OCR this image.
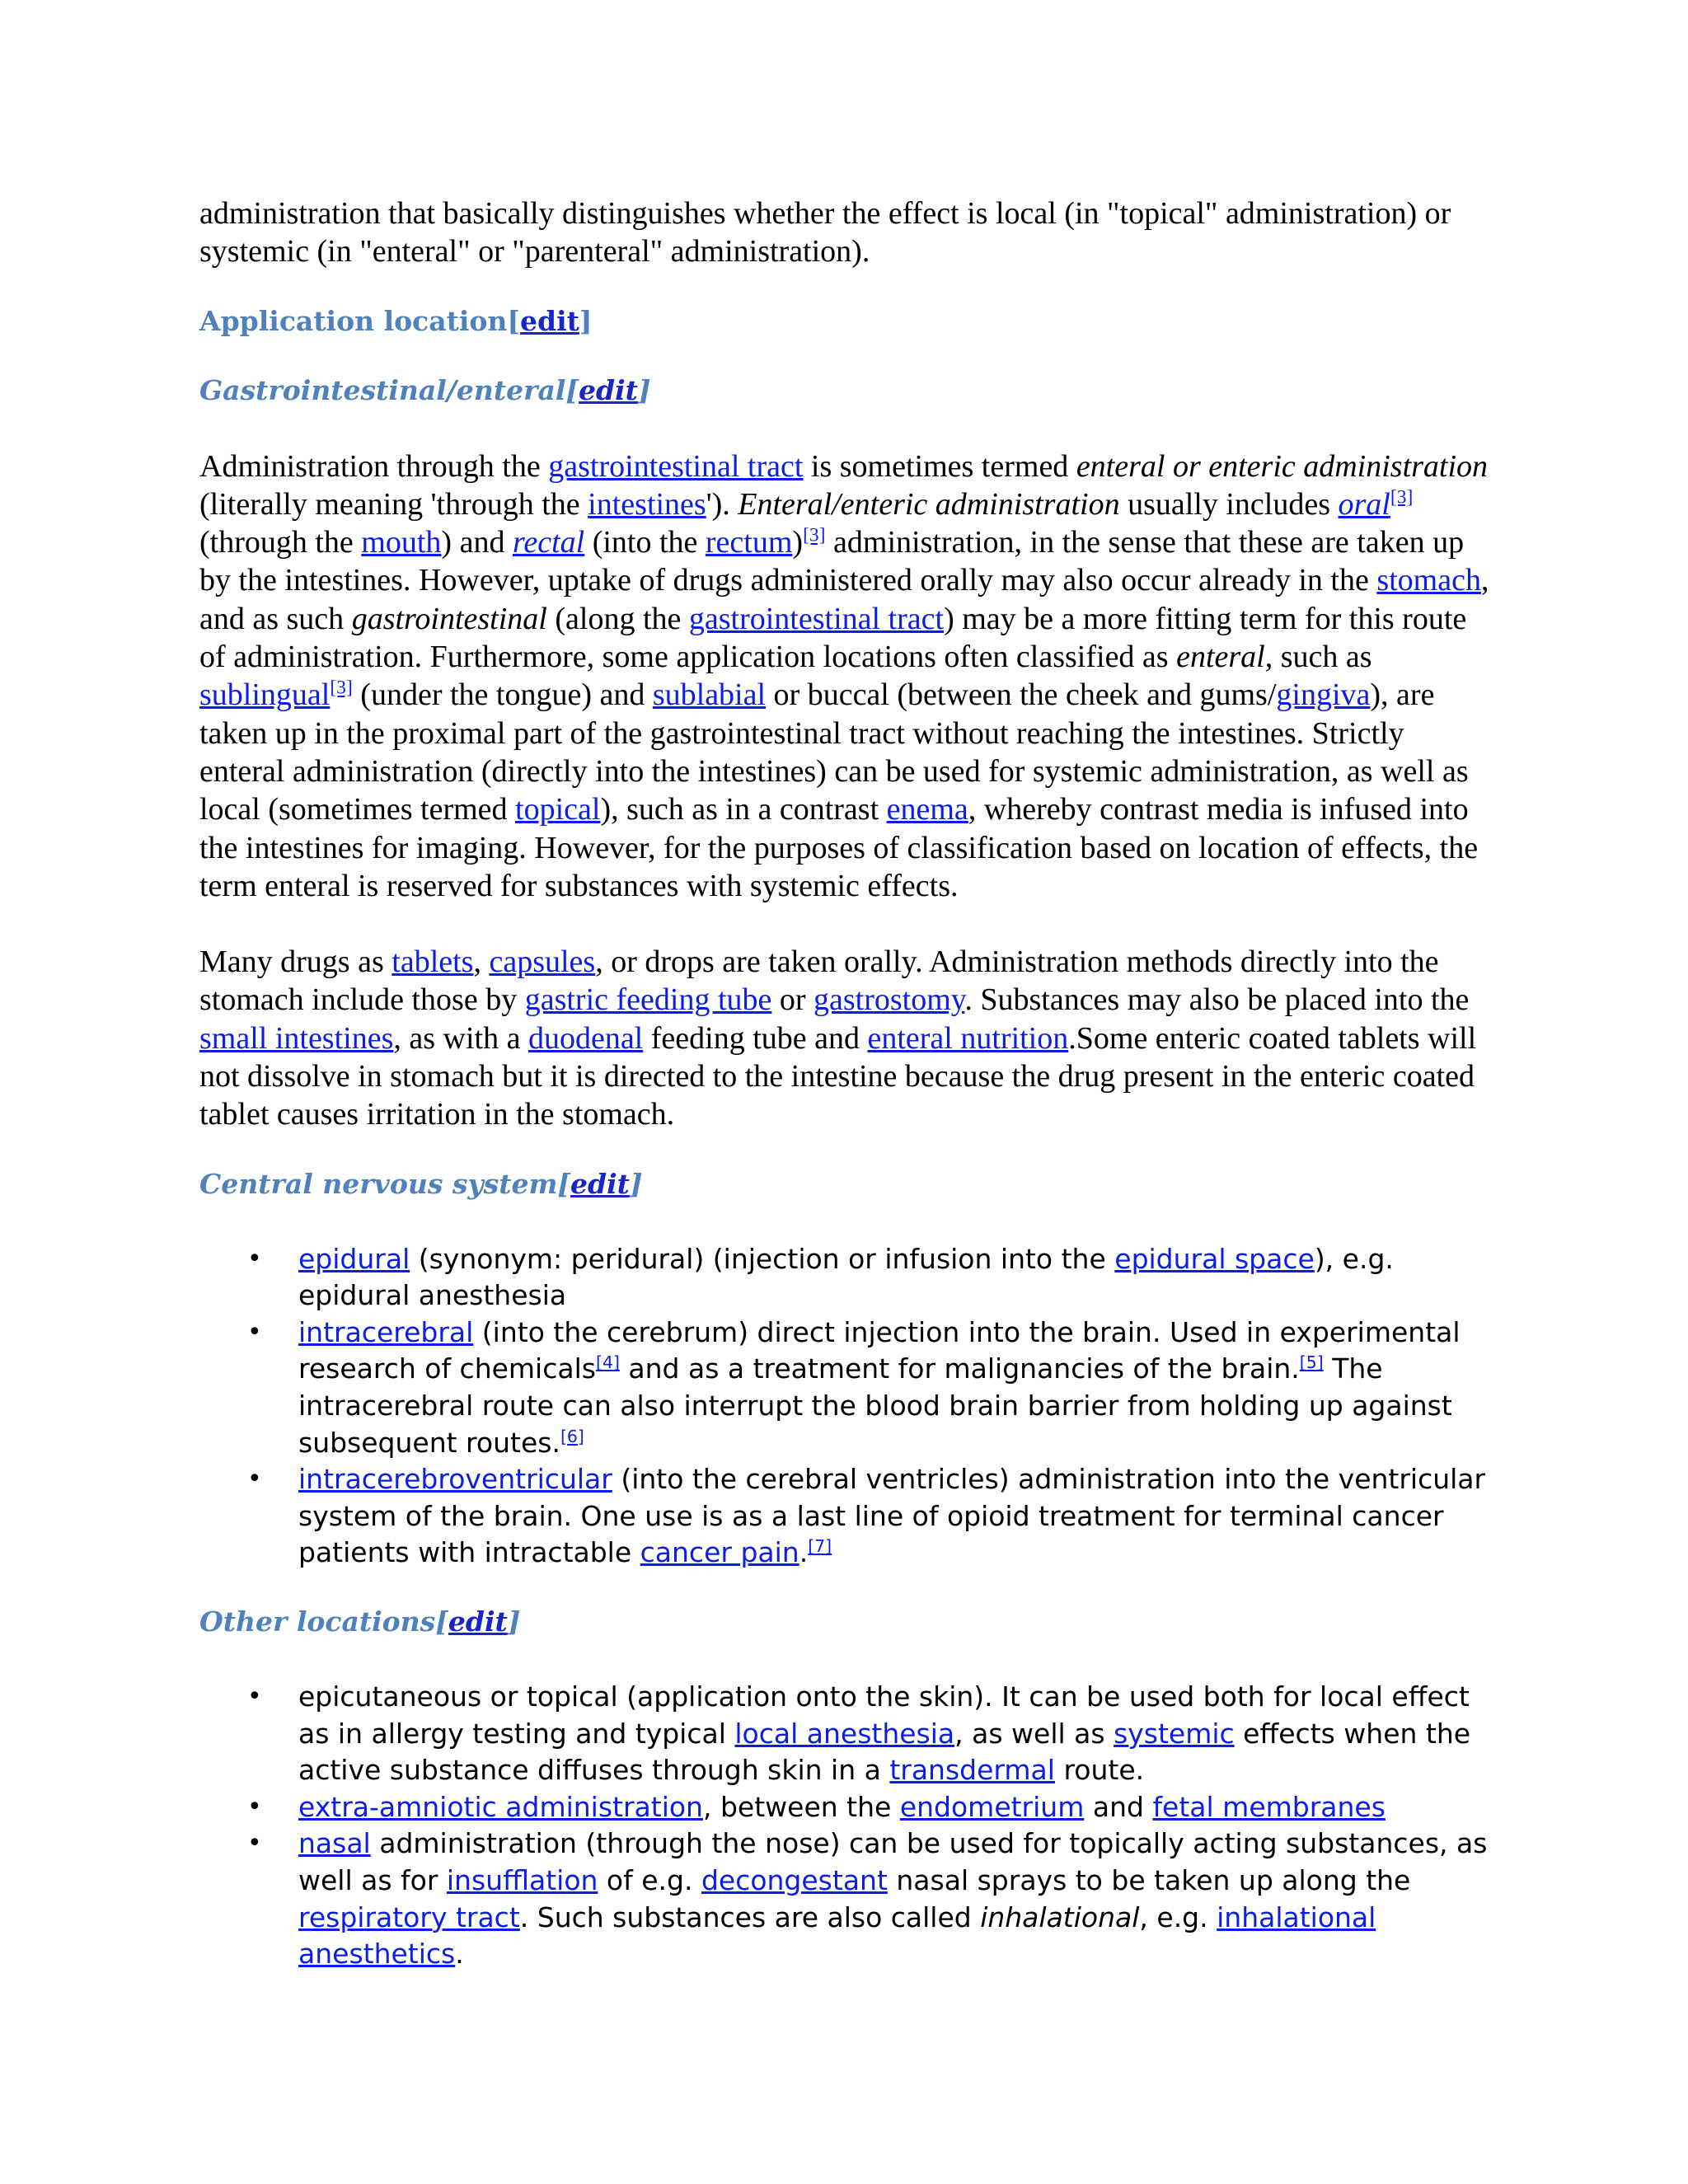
administration that basically distinguishes whether the effect is local (in "topical" administration) or systemic (in "enteral" or "parenteral" administration).

Application location[edit]
Gastrointestinal/enteral[edit]

Administration through the gastrointestinal tract is sometimes termed enteral or enteric administration (literally meaning 'through the intestines'). Enteral/enteric administration usually includes oral[3] (through the mouth) and rectal (into the rectum)[3] administration, in the sense that these are taken up by the intestines. However, uptake of drugs administered orally may also occur already in the stomach, and as such gastrointestinal (along the gastrointestinal tract) may be a more fitting term for this route of administration. Furthermore, some application locations often classified as enteral, such as sublingual[3] (under the tongue) and sublabial or buccal (between the cheek and gums/gingiva), are taken up in the proximal part of the gastrointestinal tract without reaching the intestines. Strictly enteral administration (directly into the intestines) can be used for systemic administration, as well as local (sometimes termed topical), such as in a contrast enema, whereby contrast media is infused into the intestines for imaging. However, for the purposes of classification based on location of effects, the term enteral is reserved for substances with systemic effects.

Many drugs as tablets, capsules, or drops are taken orally. Administration methods directly into the stomach include those by gastric feeding tube or gastrostomy. Substances may also be placed into the small intestines, as with a duodenal feeding tube and enteral nutrition.Some enteric coated tablets will not dissolve in stomach but it is directed to the intestine because the drug present in the enteric coated tablet causes irritation in the stomach.

Central nervous system[edit]
• epidural (synonym: peridural) (injection or infusion into the epidural space), e.g. epidural anesthesia
• intracerebral (into the cerebrum) direct injection into the brain. Used in experimental research of chemicals[4] and as a treatment for malignancies of the brain.[5] The intracerebral route can also interrupt the blood brain barrier from holding up against subsequent routes.[6]
• intracerebroventricular (into the cerebral ventricles) administration into the ventricular system of the brain. One use is as a last line of opioid treatment for terminal cancer patients with intractable cancer pain.[7]
Other locations[edit]
• epicutaneous or topical (application onto the skin). It can be used both for local effect as in allergy testing and typical local anesthesia, as well as systemic effects when the active substance diffuses through skin in a transdermal route.
• extra-amniotic administration, between the endometrium and fetal membranes
• nasal administration (through the nose) can be used for topically acting substances, as well as for insufflation of e.g. decongestant nasal sprays to be taken up along the respiratory tract. Such substances are also called inhalational, e.g. inhalational anesthetics.
